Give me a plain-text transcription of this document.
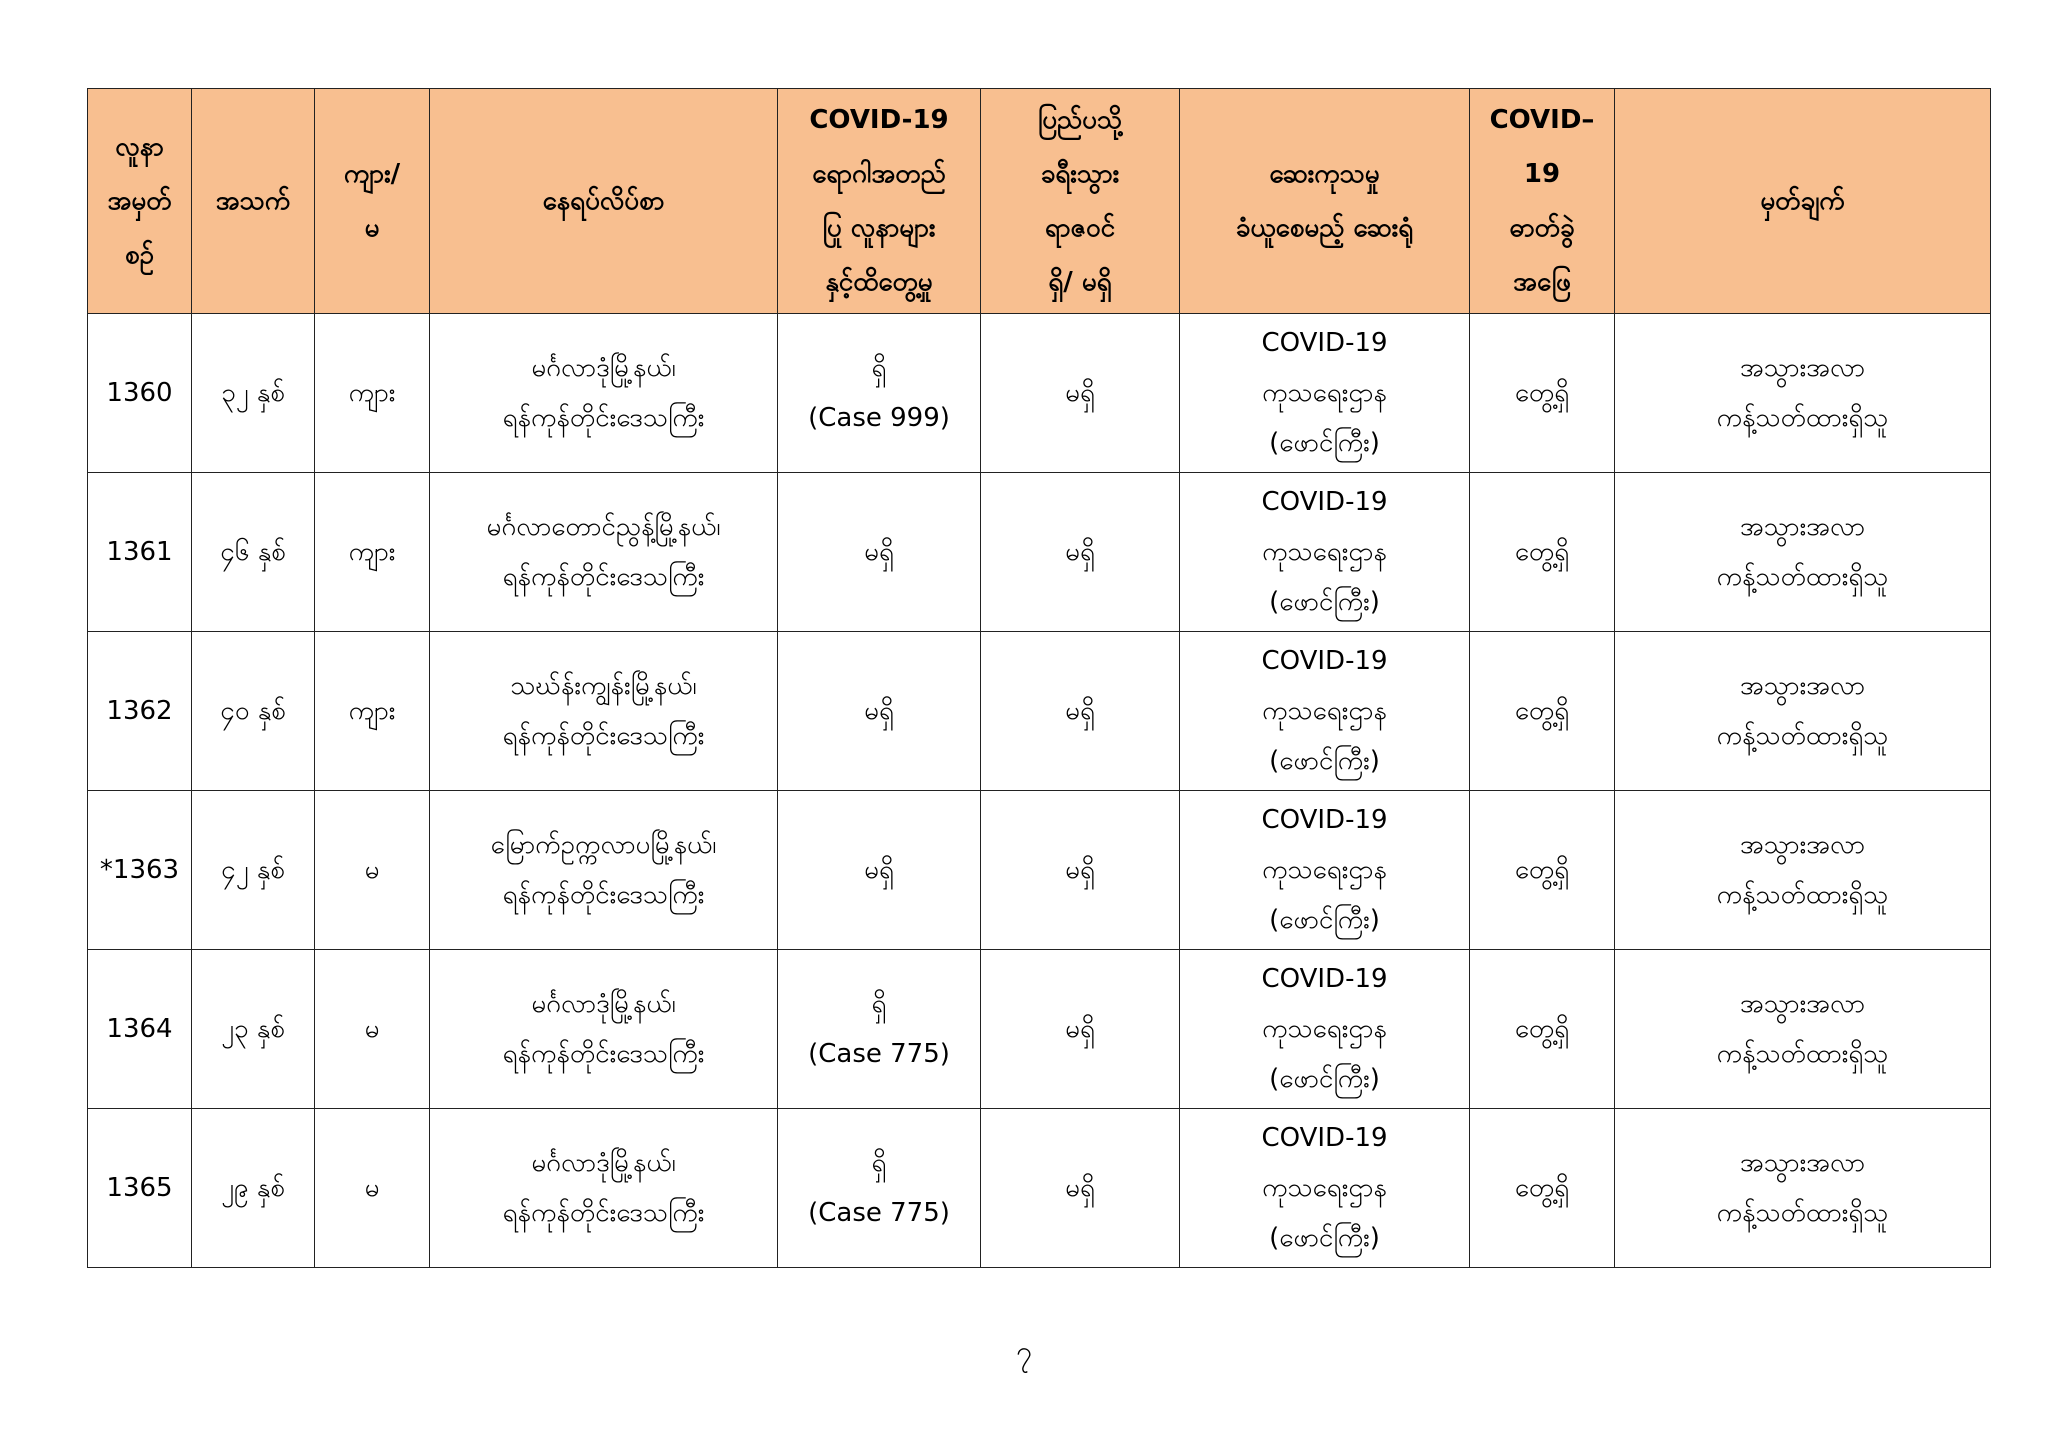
လူနာ
အမှတ်
စဉ်	အသက်	ကျား/
မ	နေရပ်လိပ်စာ	COVID-19
ရောဂါအတည်
ပြု လူနာများ
နှင့်ထိတွေ့မှု	ပြည်ပသို့
ခရီးသွား
ရာဇဝင်
ရှိ/ မရှိ	ဆေးကုသမှု
ခံယူစေမည့် ဆေးရုံ	COVID–
19
ဓာတ်ခွဲ
အဖြေ	မှတ်ချက်

1360	၃၂ နှစ်	ကျား	မင်္ဂလာဒုံမြို့နယ်၊
ရန်ကုန်တိုင်းဒေသကြီး	ရှိ
(Case 999)	မရှိ	COVID-19
ကုသရေးဌာန
(ဖောင်ကြီး)	တွေ့ရှိ	အသွားအလာ
ကန့်သတ်ထားရှိသူ

1361	၄၆ နှစ်	ကျား	မင်္ဂလာတောင်ညွန့်မြို့နယ်၊
ရန်ကုန်တိုင်းဒေသကြီး	မရှိ	မရှိ	COVID-19
ကုသရေးဌာန
(ဖောင်ကြီး)	တွေ့ရှိ	အသွားအလာ
ကန့်သတ်ထားရှိသူ

1362	၄၀ နှစ်	ကျား	သဃ်န်းကျွန်းမြို့နယ်၊
ရန်ကုန်တိုင်းဒေသကြီး	မရှိ	မရှိ	COVID-19
ကုသရေးဌာန
(ဖောင်ကြီး)	တွေ့ရှိ	အသွားအလာ
ကန့်သတ်ထားရှိသူ

*1363	၄၂ နှစ်	မ	မြောက်ဥက္ကလာပမြို့နယ်၊
ရန်ကုန်တိုင်းဒေသကြီး	မရှိ	မရှိ	COVID-19
ကုသရေးဌာန
(ဖောင်ကြီး)	တွေ့ရှိ	အသွားအလာ
ကန့်သတ်ထားရှိသူ

1364	၂၃ နှစ်	မ	မင်္ဂလာဒုံမြို့နယ်၊
ရန်ကုန်တိုင်းဒေသကြီး	ရှိ
(Case 775)	မရှိ	COVID-19
ကုသရေးဌာန
(ဖောင်ကြီး)	တွေ့ရှိ	အသွားအလာ
ကန့်သတ်ထားရှိသူ

1365	၂၉ နှစ်	မ	မင်္ဂလာဒုံမြို့နယ်၊
ရန်ကုန်တိုင်းဒေသကြီး	ရှိ
(Case 775)	မရှိ	COVID-19
ကုသရေးဌာန
(ဖောင်ကြီး)	တွေ့ရှိ	အသွားအလာ
ကန့်သတ်ထားရှိသူ
၇
